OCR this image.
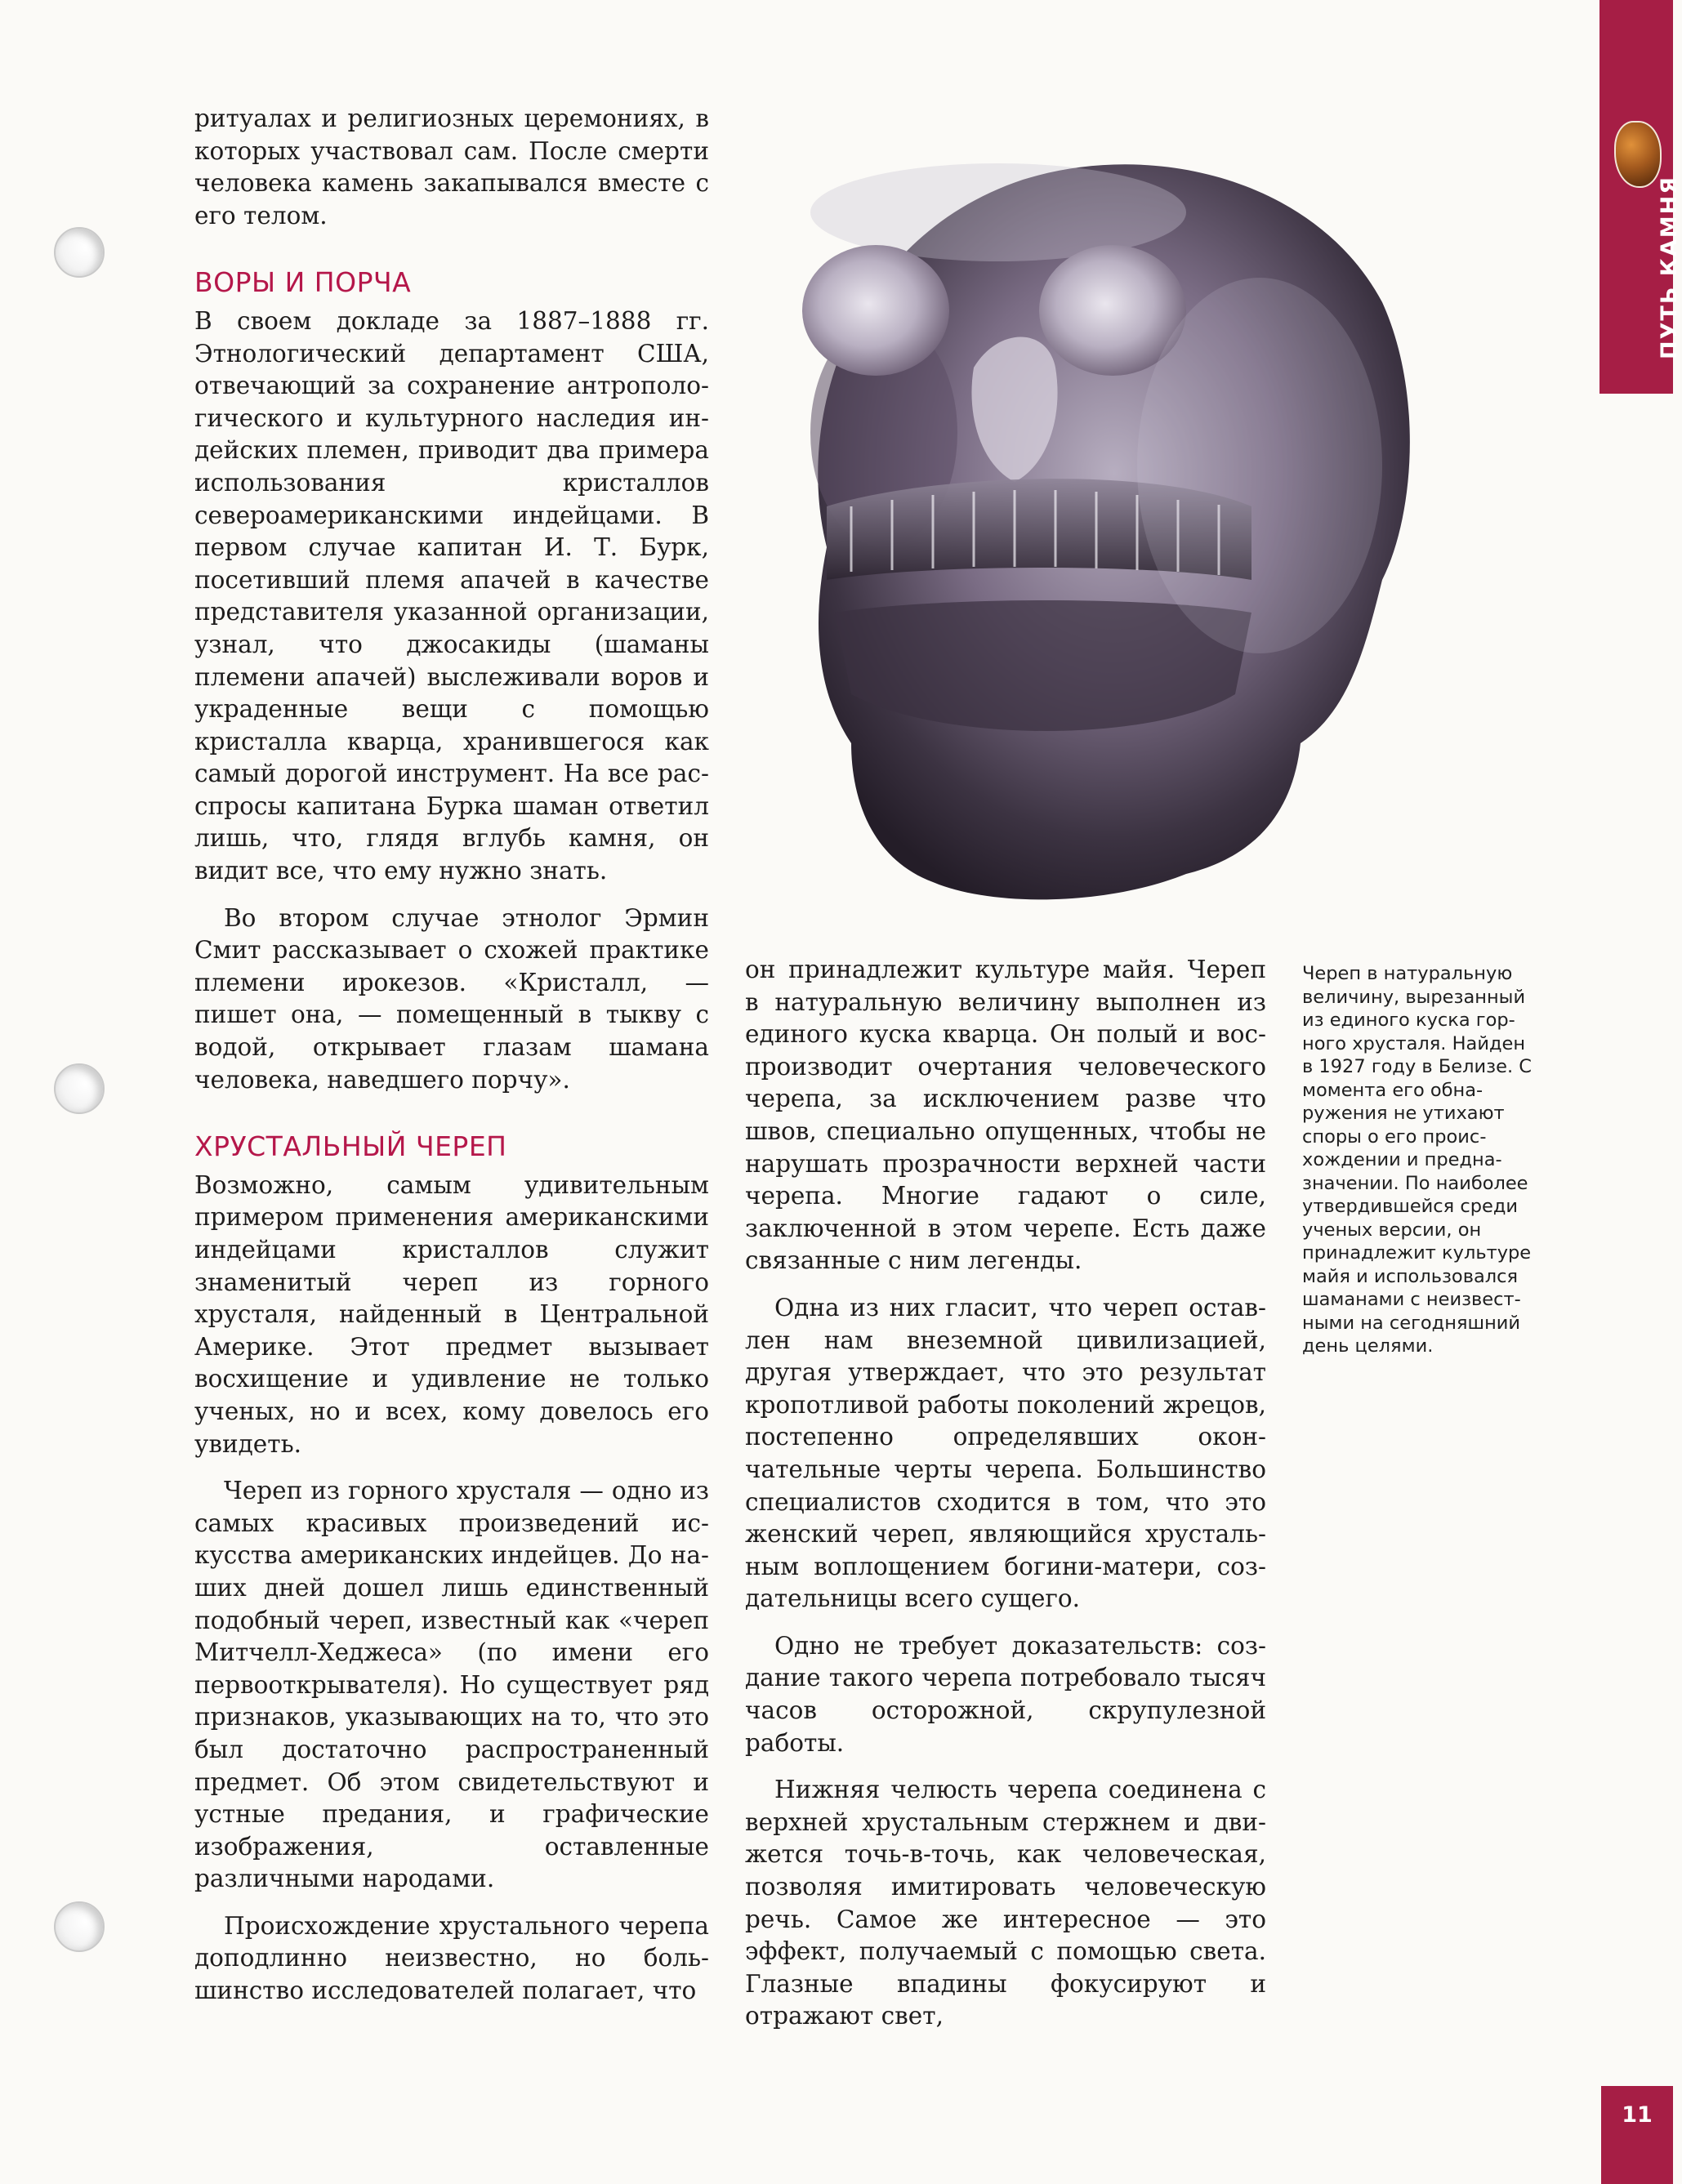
ПУТЬ КАМНЯ

ритуалах и религиозных церемониях, в которых участвовал сам. После смерти человека камень закапывался вместе с его телом.

ВОРЫ И ПОРЧА

В своем докладе за 1887–1888 гг. Этнологический департамент США, отвечающий за сохранение антропологического и культурного наследия индейских племен, приводит два примера использования кристаллов североамериканскими индейцами. В первом случае капитан И. Т. Бурк, посетивший племя апачей в качестве представителя указанной организации, узнал, что джосакиды (шаманы племени апачей) выслеживали воров и украденные вещи с помощью кристалла кварца, хранившегося как самый дорогой инструмент. На все расспросы капитана Бурка шаман ответил лишь, что, глядя вглубь камня, он видит все, что ему нужно знать.

Во втором случае этнолог Эрмин Смит рассказывает о схожей практике племени ирокезов. «Кристалл, — пишет она, — помещенный в тыкву с водой, открывает глазам шамана человека, наведшего порчу».

ХРУСТАЛЬНЫЙ ЧЕРЕП

Возможно, самым удивительным примером применения американскими индейцами кристаллов служит знаменитый череп из горного хрусталя, найденный в Центральной Америке. Этот предмет вызывает восхищение и удивление не только ученых, но и всех, кому довелось его увидеть.

Череп из горного хрусталя — одно из самых красивых произведений искусства американских индейцев. До наших дней дошел лишь единственный подобный череп, известный как «череп Митчелл-Хеджеса» (по имени его первооткрывателя). Но существует ряд признаков, указывающих на то, что это был достаточно распространенный предмет. Об этом свидетельствуют и устные предания, и графические изображения, оставленные различными народами.

Происхождение хрустального черепа доподлинно неизвестно, но большинство исследователей полагает, что

он принадлежит культуре майя. Череп в натуральную величину выполнен из единого куска кварца. Он полый и воспроизводит очертания человеческого черепа, за исключением разве что швов, специально опущенных, чтобы не нарушать прозрачности верхней части черепа. Многие гадают о силе, заключенной в этом черепе. Есть даже связанные с ним легенды.

Одна из них гласит, что череп оставлен нам внеземной цивилизацией, другая утверждает, что это результат кропотливой работы поколений жрецов, постепенно определявших окончательные черты черепа. Большинство специалистов сходится в том, что это женский череп, являющийся хрустальным воплощением богини-матери, создательницы всего сущего.

Одно не требует доказательств: создание такого черепа потребовало тысяч часов осторожной, скрупулезной работы.

Нижняя челюсть черепа соединена с верхней хрустальным стержнем и движется точь-в-точь, как человеческая, позволяя имитировать человеческую речь. Самое же интересное — это эффект, получаемый с помощью света. Глазные впадины фокусируют и отражают свет,

Череп в натуральную величину, вырезанный из единого куска горного хрусталя. Найден в 1927 году в Белизе. С момента его обнаружения не утихают споры о его происхождении и предназначении. По наиболее утвердившейся среди ученых версии, он принадлежит культуре майя и использовался шаманами с неизвестными на сегодняшний день целями.
11
